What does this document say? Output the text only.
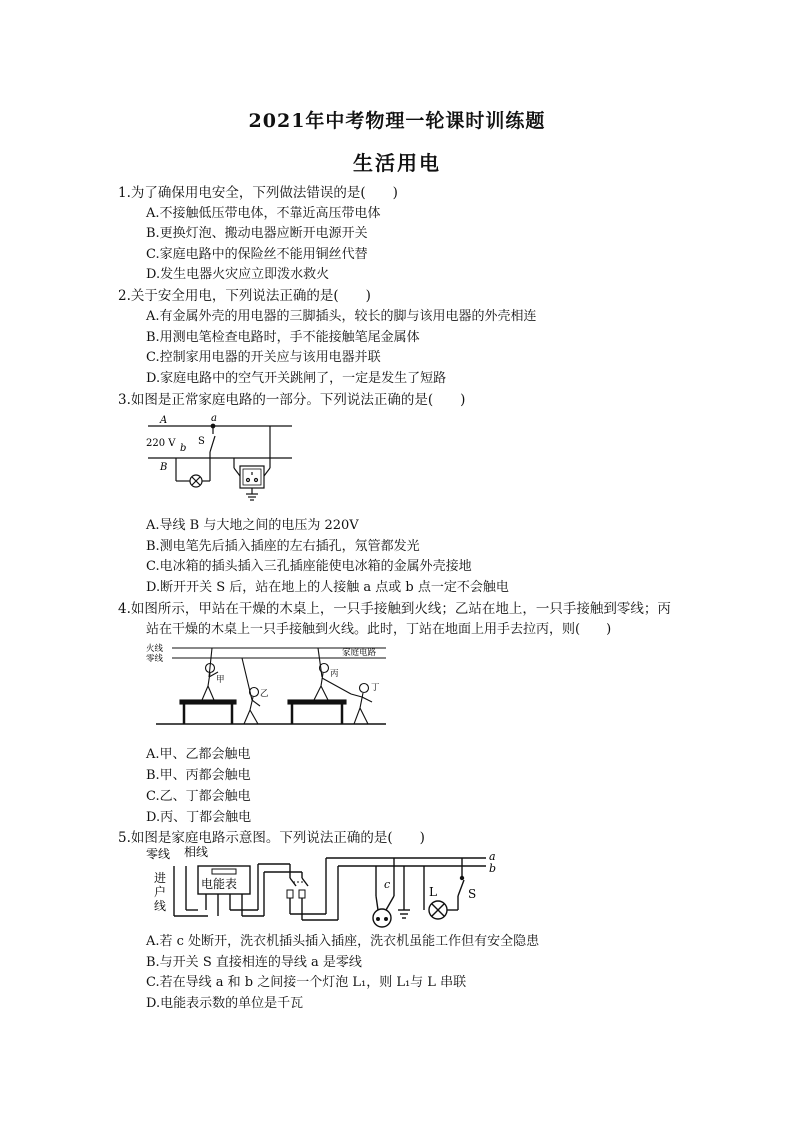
2021年中考物理一轮课时训练题
生活用电
1.为了确保用电安全，下列做法错误的是(　　)
A.不接触低压带电体，不靠近高压带电体
B.更换灯泡、搬动电器应断开电源开关
C.家庭电路中的保险丝不能用铜丝代替
D.发生电器火灾应立即泼水救火
2.关于安全用电，下列说法正确的是(　　)
A.有金属外壳的用电器的三脚插头，较长的脚与该用电器的外壳相连
B.用测电笔检查电路时，手不能接触笔尾金属体
C.控制家用电器的开关应与该用电器并联
D.家庭电路中的空气开关跳闸了，一定是发生了短路
3.如图是正常家庭电路的一部分。下列说法正确的是(　　)
A
220 V
B
S
a
b
A.导线 B 与大地之间的电压为 220V
B.测电笔先后插入插座的左右插孔，氖管都发光
C.电冰箱的插头插入三孔插座能使电冰箱的金属外壳接地
D.断开开关 S 后，站在地上的人接触 a 点或 b 点一定不会触电
4.如图所示，甲站在干燥的木桌上，一只手接触到火线；乙站在地上，一只手接触到零线；丙
站在干燥的木桌上一只手接触到火线。此时，丁站在地面上用手去拉丙，则(　　)
火线
零线
家庭电路
甲
乙
丙
丁
A.甲、乙都会触电
B.甲、丙都会触电
C.乙、丁都会触电
D.丙、丁都会触电
5.如图是家庭电路示意图。下列说法正确的是(　　)
零线 相线
电能表
进
户
线
c
L	S
a
b
A.若 c 处断开，洗衣机插头插入插座，洗衣机虽能工作但有安全隐患
B.与开关 S 直接相连的导线 a 是零线
C.若在导线 a 和 b 之间接一个灯泡 L₁，则 L₁与 L 串联
D.电能表示数的单位是千瓦
